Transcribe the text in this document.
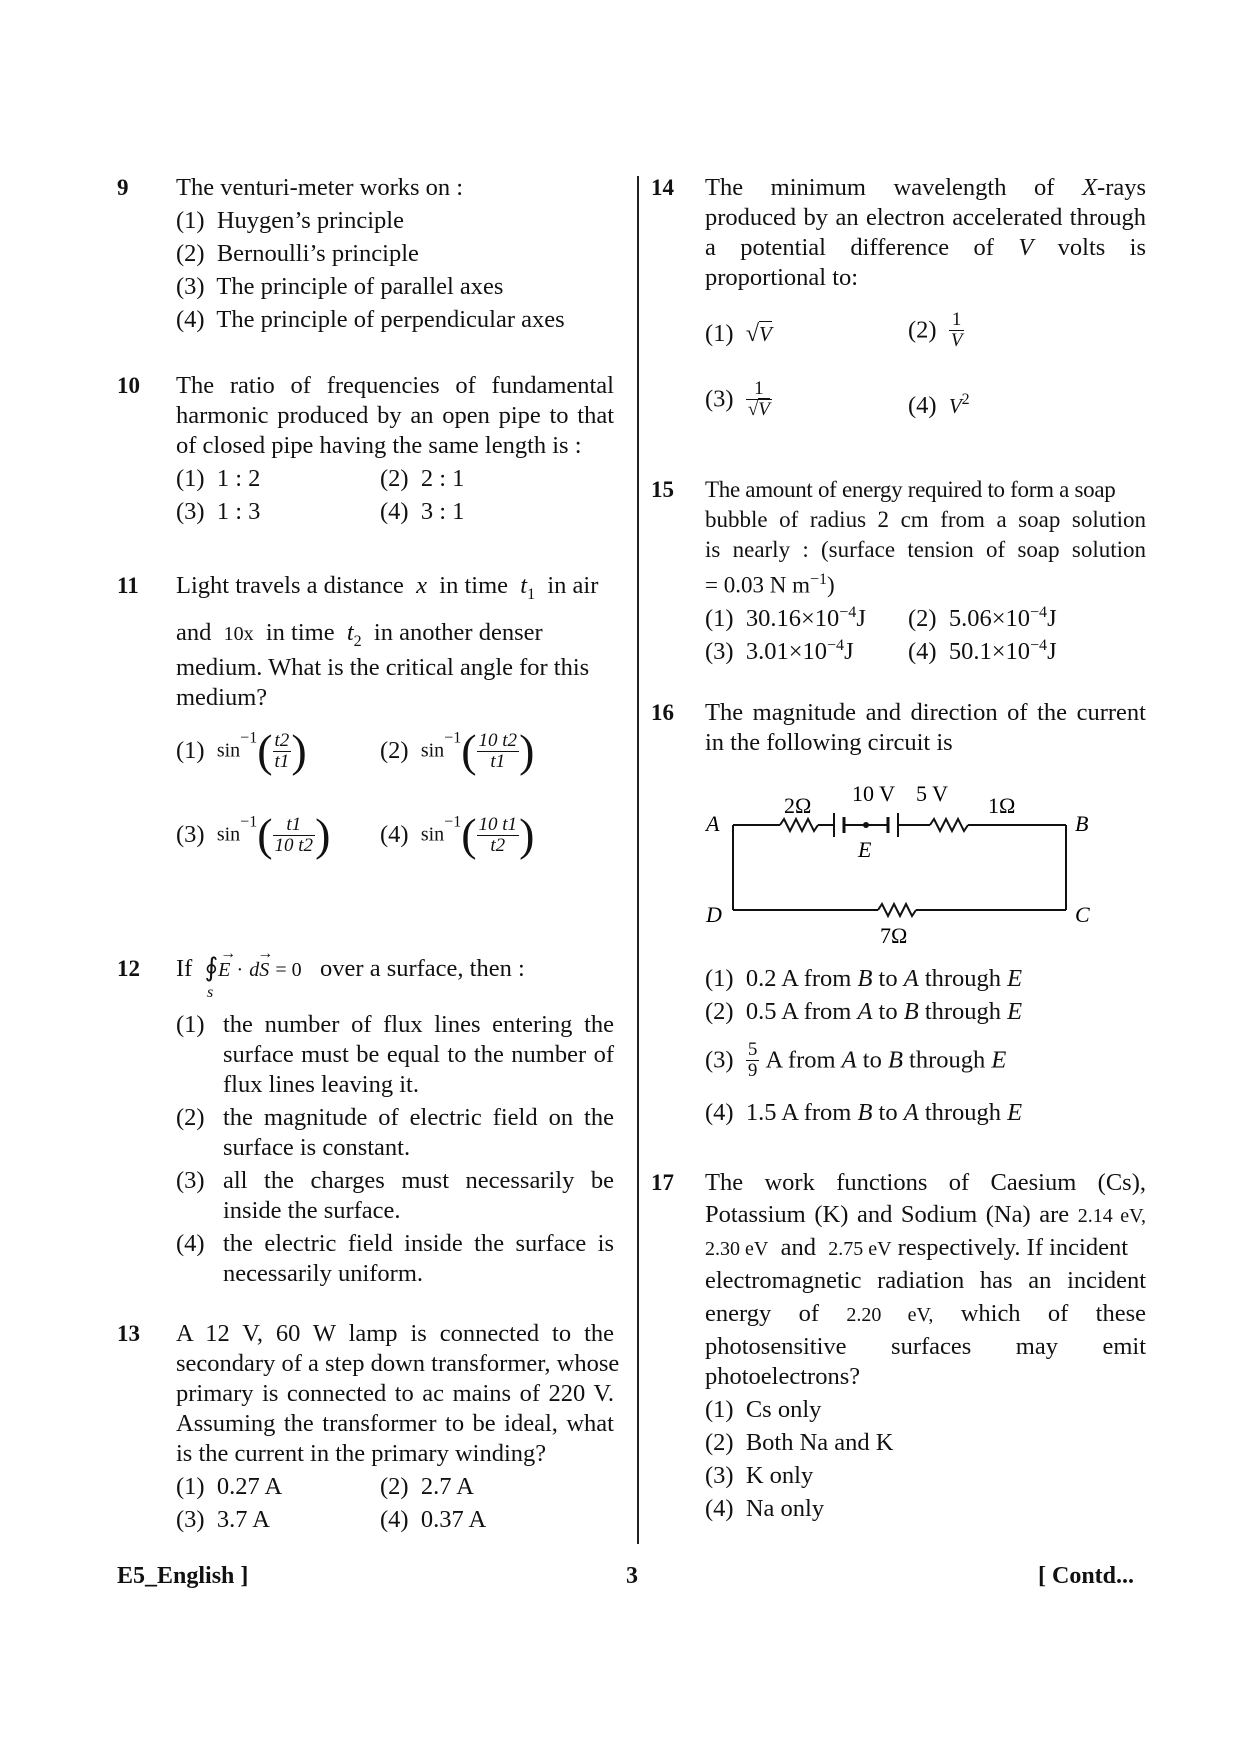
9 The venturi-meter works on :
(1) Huygen’s principle
(2) Bernoulli’s principle
(3) The principle of parallel axes
(4) The principle of perpendicular axes
10 The ratio of frequencies of fundamental
harmonic produced by an open pipe to that
of closed pipe having the same length is :
(1) 1 : 2	(2) 2 : 1
(3) 1 : 3	(4) 3 : 1
11 Light travels a distance x in time $t_1$ in air
and 10x in time $t_2$ in another denser
medium. What is the critical angle for this
medium?
(1) $\sin^{-1}( \frac{t2}{t1}$ )	(2) $\sin^{-1}( \frac{10 t2}{t1}$ )
(3) $\sin^{-1}( \frac{t1}{10 t2}$ ) (4) $\sin^{-1}( \frac{10 t1}{t2}$ )
12 If ∮ →
E ·
→
dS = 0 over a surface, then :
s
(1) the number of flux lines entering the
surface must be equal to the number of
flux lines leaving it.
(2) the magnitude of electric field on the
surface is constant.
(3) all the charges must necessarily be
inside the surface.
(4) the electric field inside the surface is
necessarily uniform.
13 A 12 V, 60 W lamp is connected to the
secondary of a step down transformer, whose
primary is connected to ac mains of 220 V.
Assuming the transformer to be ideal, what
is the current in the primary winding?
(1) 0.27 A	(2) 2.7 A
(3) 3.7 A	(4) 0.37 A
14 The minimum wavelength of X-rays
produced by an electron accelerated through
a potential difference of V volts is
proportional to:
(1) √V	$(2) \frac{1}{V}$
$(3) \frac{1}{√V}$	(4) $V^2$
15 The amount of energy required to form a soap
bubble of radius 2 cm from a soap solution
is nearly : (surface tension of soap solution
= 0.03 N $m^{-1}$)
(1) $30.16\times 10^{-4}J$ (2) $5.06\times 10^{-4}J$
(3) $3.01\times 10^{-4}J$ (4) $50.1\times 10^{-4}J$
16 The magnitude and direction of the current
in the following circuit is
A	B
C
D
E
2Ω 10 V 5 V 1Ω
7Ω
(1) 0.2 A from B to A through E
(2) 0.5 A from A to B through E
$(3) \frac{5}{9}$ A from A to B through E
(4) 1.5 A from B to A through E
17 The work functions of Caesium (Cs),
Potassium (K) and Sodium (Na) are 2.14 eV,
2.30 eV and 2.75 eV respectively. If incident
electromagnetic radiation has an incident
energy of 2.20 eV, which of these
photosensitive surfaces may emit
photoelectrons?
(1) Cs only
(2) Both Na and K
(3) K only
(4) Na only
E5_English ]	3	[ Contd...
